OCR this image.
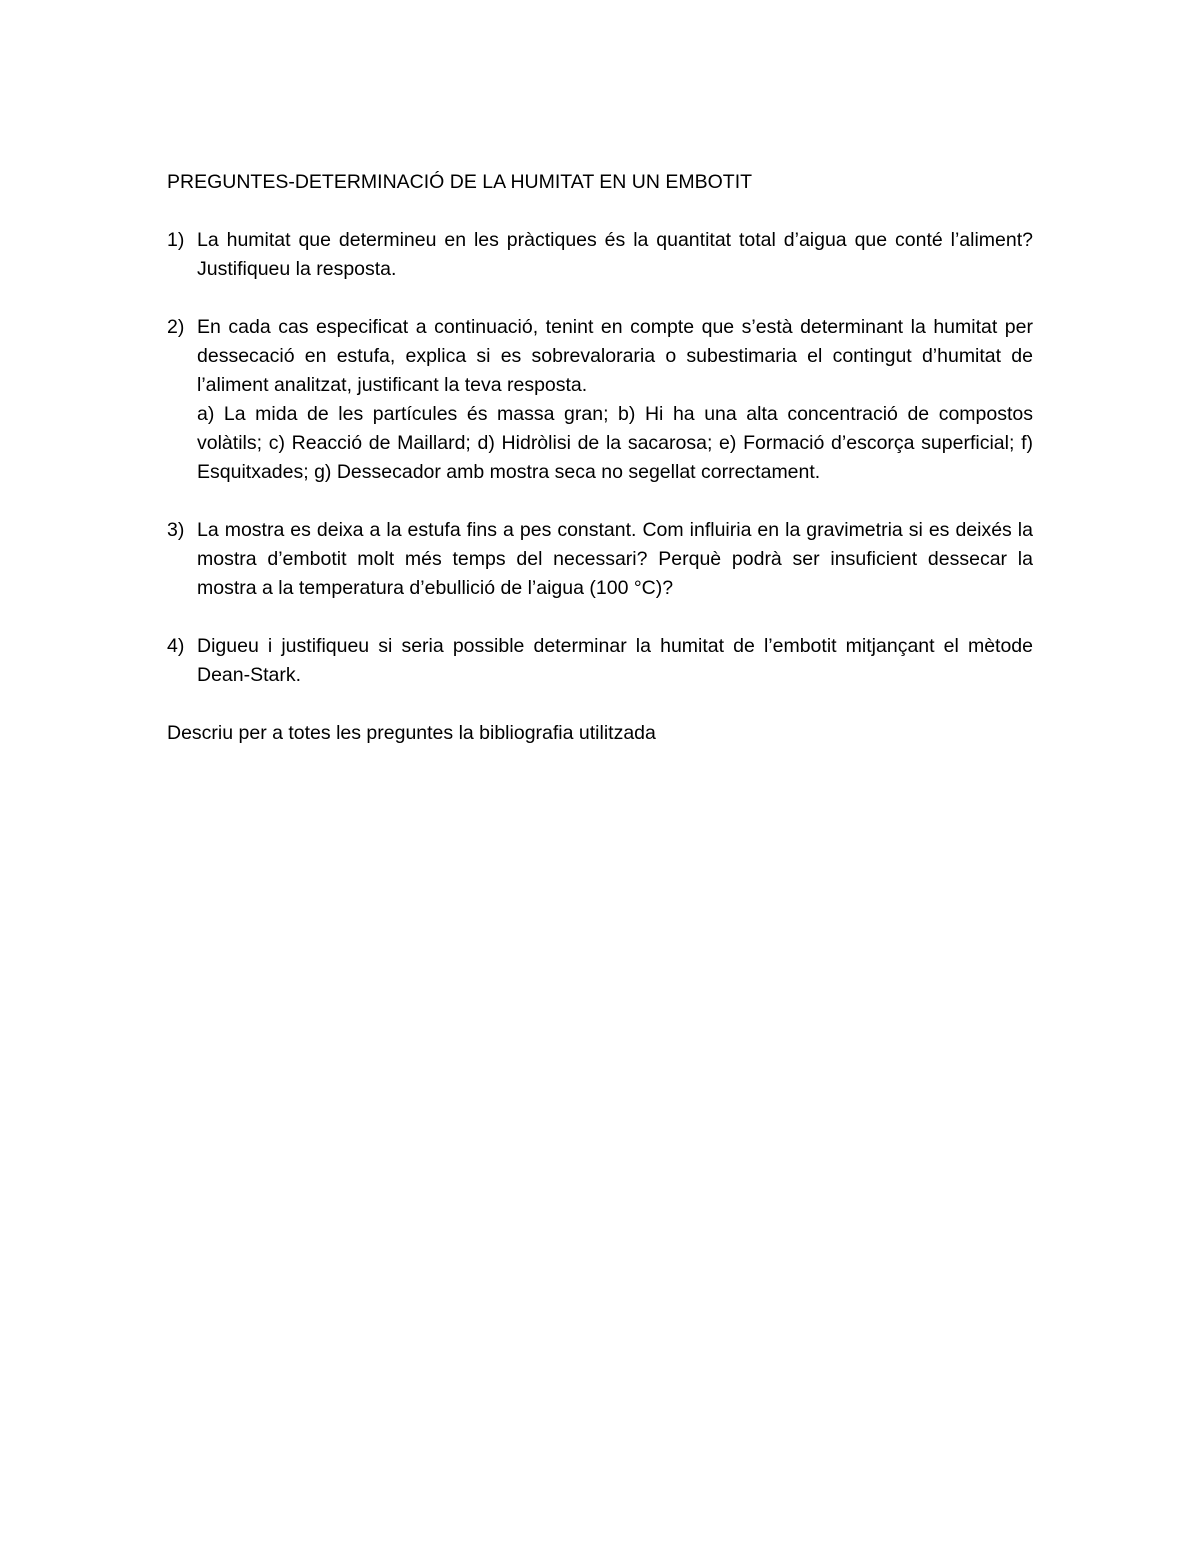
PREGUNTES-DETERMINACIÓ DE LA HUMITAT EN UN EMBOTIT

1) La humitat que determineu en les pràctiques és la quantitat total d’aigua que conté l’aliment? Justifiqueu la resposta.

2) En cada cas especificat a continuació, tenint en compte que s’està determinant la humitat per dessecació en estufa, explica si es sobrevaloraria o subestimaria el contingut d’humitat de l’aliment analitzat, justificant la teva resposta.

a) La mida de les partícules és massa gran; b) Hi ha una alta concentració de compostos volàtils; c) Reacció de Maillard; d) Hidròlisi de la sacarosa; e) Formació d’escorça superficial; f) Esquitxades; g) Dessecador amb mostra seca no segellat correctament.

3) La mostra es deixa a la estufa fins a pes constant. Com influiria en la gravimetria si es deixés la mostra d’embotit molt més temps del necessari? Perquè podrà ser insuficient dessecar la mostra a la temperatura d’ebullició de l’aigua (100 °C)?

4) Digueu i justifiqueu si seria possible determinar la humitat de l’embotit mitjançant el mètode Dean-Stark.

Descriu per a totes les preguntes la bibliografia utilitzada
